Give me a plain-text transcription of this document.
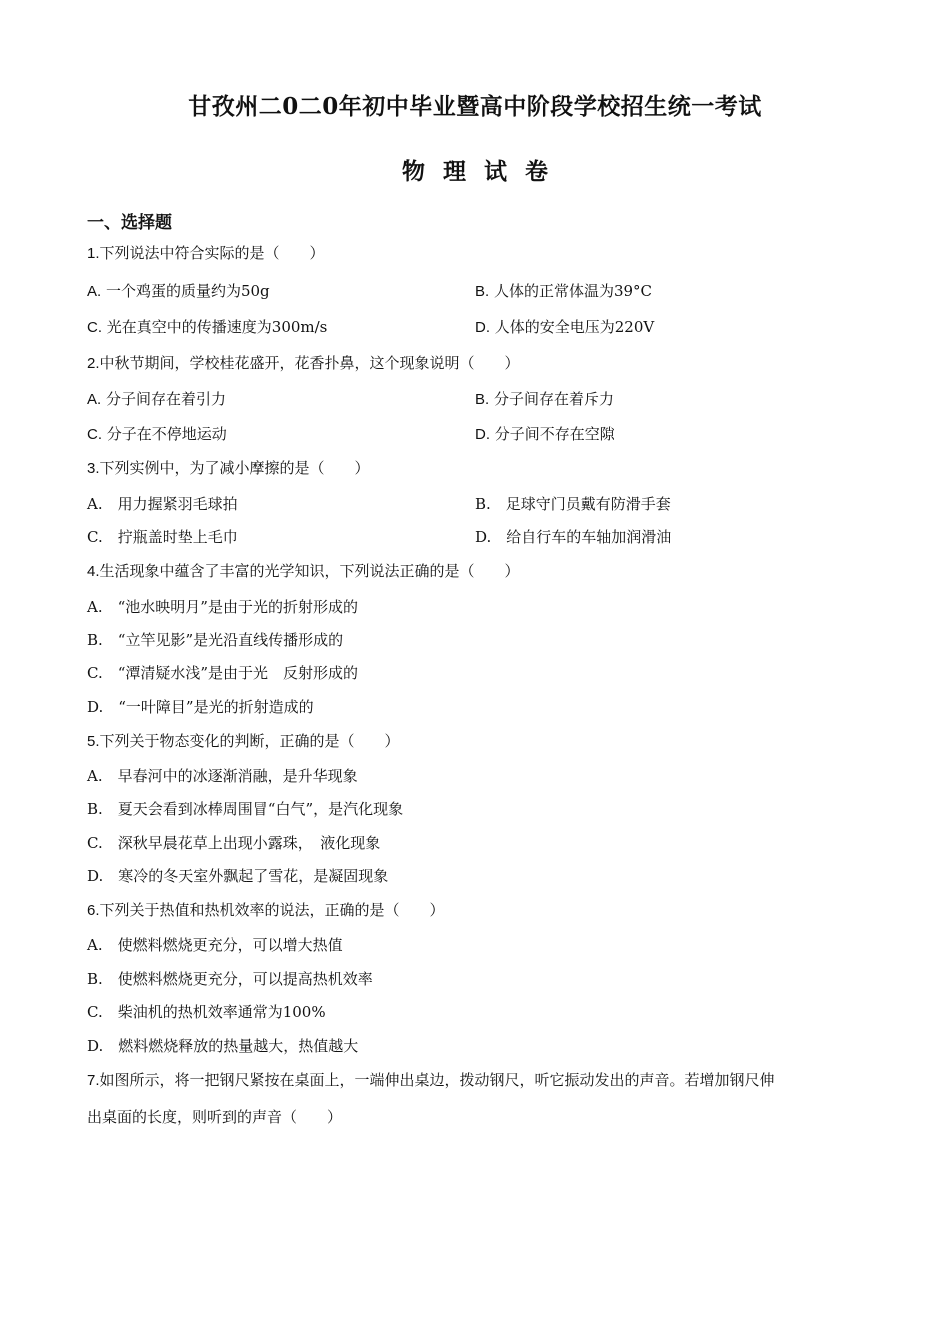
甘孜州二0二0年初中毕业暨高中阶段学校招生统一考试
物 理 试 卷
一、选择题
1.下列说法中符合实际的是（　　）
A. 一个鸡蛋的质量约为50g	B. 人体的正常体温为39°C
C. 光在真空中的传播速度为300m/s	D. 人体的安全电压为220V
2.中秋节期间，学校桂花盛开，花香扑鼻，这个现象说明（　　）
A. 分子间存在着引力	B. 分子间存在着斥力
C. 分子在不停地运动	D. 分子间不存在空隙
3.下列实例中，为了减小摩擦的是（　　）
A.　用力握紧羽毛球拍	B.　足球守门员戴有防滑手套
C.　拧瓶盖时垫上毛巾	D.　给自行车的车轴加润滑油
4.生活现象中蕴含了丰富的光学知识，下列说法正确的是（　　）
A.　“池水映明月”是由于光的折射形成的
B.　“立竿见影”是光沿直线传播形成的
C.　“潭清疑水浅”是由于光　反射形成的
D.　“一叶障目”是光的折射造成的
5.下列关于物态变化的判断，正确的是（　　）
A.　早春河中的冰逐渐消融，是升华现象
B.　夏天会看到冰棒周围冒“白气”，是汽化现象
C.　深秋早晨花草上出现小露珠，　液化现象
D.　寒冷的冬天室外飘起了雪花，是凝固现象
6.下列关于热值和热机效率的说法，正确的是（　　）
A.　使燃料燃烧更充分，可以增大热值
B.　使燃料燃烧更充分，可以提高热机效率
C.　柴油机的热机效率通常为100%
D.　燃料燃烧释放的热量越大，热值越大
7.如图所示，将一把钢尺紧按在桌面上，一端伸出桌边，拨动钢尺，听它振动发出的声音。若增加钢尺伸
出桌面的长度，则听到的声音（　　）
